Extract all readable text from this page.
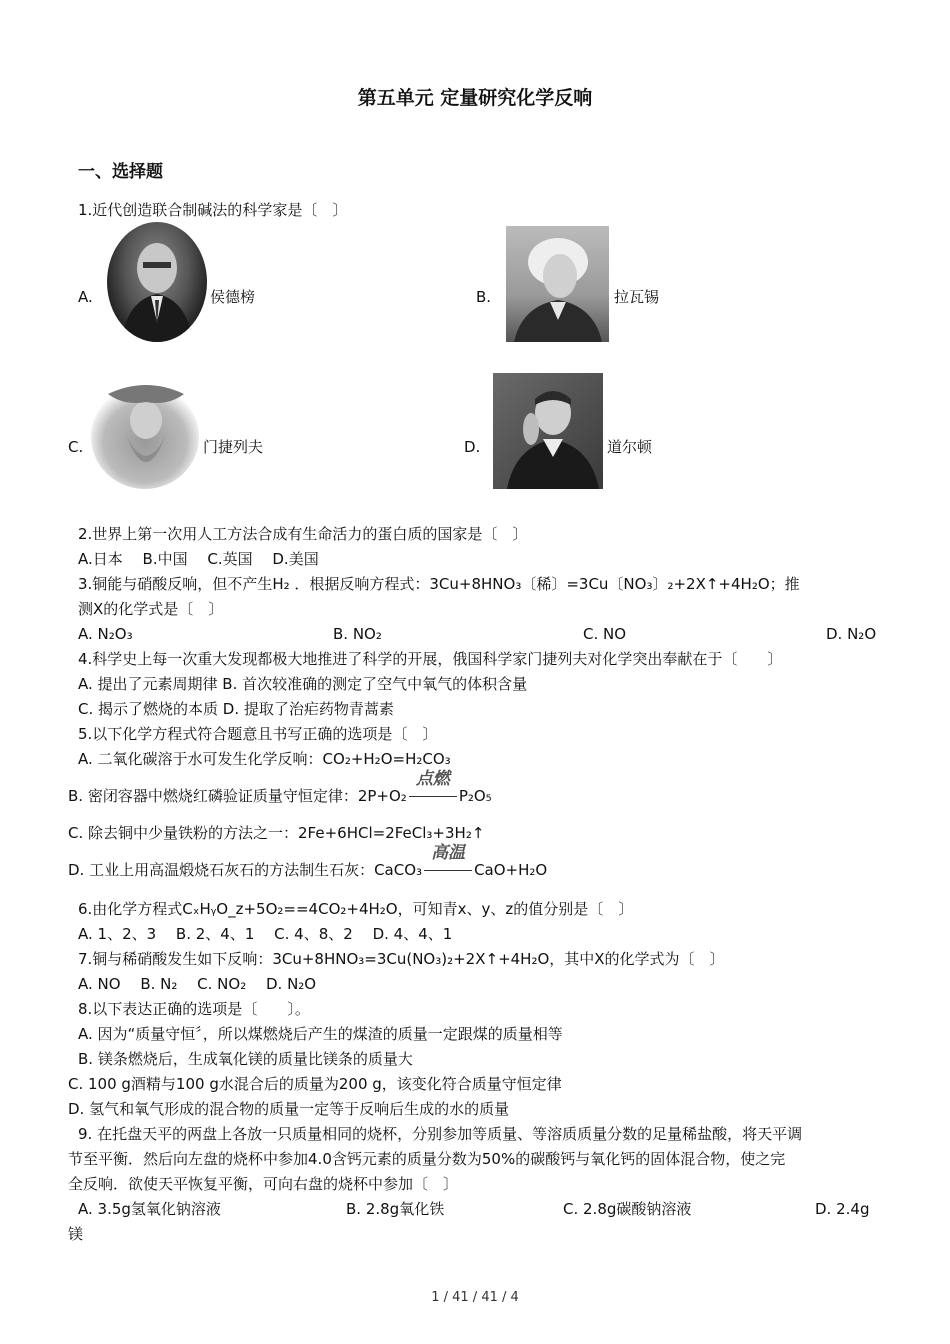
第五单元 定量研究化学反响
一、选择题
1.近代创造联合制碱法的科学家是〔　〕
A.	侯德榜	B.	拉瓦锡
C.	门捷列夫	D.	道尔顿
2.世界上第一次用人工方法合成有生命活力的蛋白质的国家是〔　〕
A.日本　 B.中国　 C.英国　 D.美国
3.铜能与硝酸反响，但不产生H₂ ．根据反响方程式：3Cu+8HNO₃〔稀〕=3Cu〔NO₃〕₂+2X↑+4H₂O；推
测X的化学式是〔　〕
A. N₂O₃	B. NO₂	C. NO	D. N₂O
4.科学史上每一次重大发现都极大地推进了科学的开展，俄国科学家门捷列夫对化学突出奉献在于〔　　〕
A. 提出了元素周期律 B. 首次较准确的测定了空气中氧气的体积含量
C. 揭示了燃烧的本质 D. 提取了治疟药物青蒿素
5.以下化学方程式符合题意且书写正确的选项是〔　〕
A. 二氧化碳溶于水可发生化学反响：CO₂+H₂O=H₂CO₃
B. 密闭容器中燃烧红磷验证质量守恒定律：2P+O₂
点燃
P₂O₅
C. 除去铜中少量铁粉的方法之一：2Fe+6HCl=2FeCl₃+3H₂↑
D. 工业上用高温煅烧石灰石的方法制生石灰：CaCO₃
高温
CaO+H₂O
6.由化学方程式CₓHᵧO_z+5O₂==4CO₂+4H₂O，可知青x、y、z的值分别是〔　〕
A. 1、2、3　 B. 2、4、1　 C. 4、8、2　 D. 4、4、1
7.铜与稀硝酸发生如下反响：3Cu+8HNO₃=3Cu(NO₃)₂+2X↑+4H₂O，其中X的化学式为〔　〕
A. NO　 B. N₂　 C. NO₂　 D. N₂O
8.以下表达正确的选项是〔　　〕。
A. 因为“质量守恒〞，所以煤燃烧后产生的煤渣的质量一定跟煤的质量相等
B. 镁条燃烧后，生成氧化镁的质量比镁条的质量大
C. 100 g酒精与100 g水混合后的质量为200 g，该变化符合质量守恒定律
D. 氢气和氧气形成的混合物的质量一定等于反响后生成的水的质量
9. 在托盘天平的两盘上各放一只质量相同的烧杯，分别参加等质量、等溶质质量分数的足量稀盐酸，将天平调
节至平衡．然后向左盘的烧杯中参加4.0含钙元素的质量分数为50%的碳酸钙与氧化钙的固体混合物，使之完
全反响．欲使天平恢复平衡，可向右盘的烧杯中参加〔　〕
A. 3.5g氢氧化钠溶液	B. 2.8g氧化铁	C. 2.8g碳酸钠溶液	D. 2.4g
镁
1 / 41 / 41 / 4
